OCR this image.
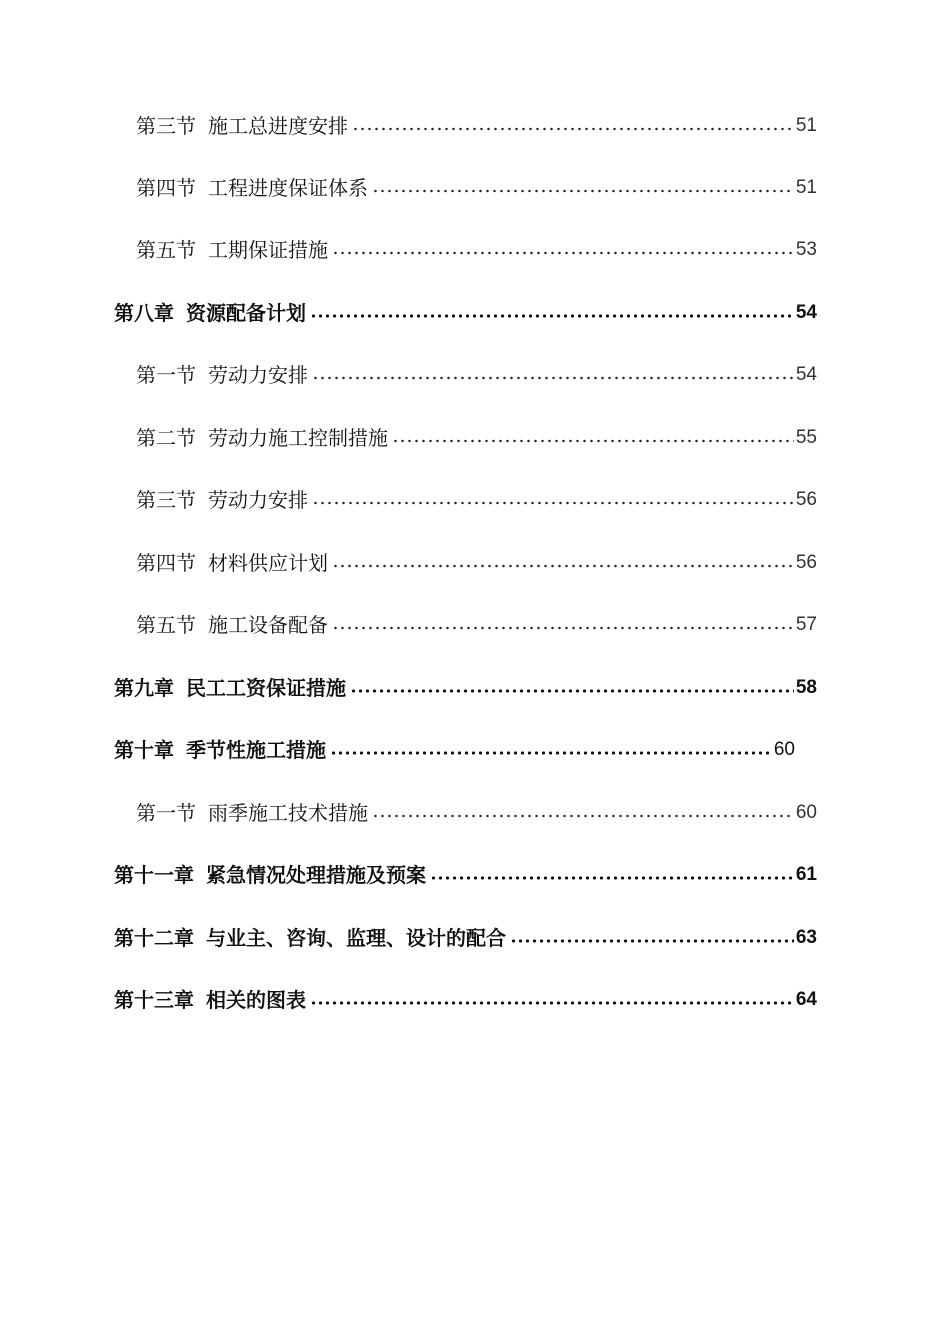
第三节 施工总进度安排	51
第四节 工程进度保证体系	51
第五节 工期保证措施	53
第八章 资源配备计划	54
第一节 劳动力安排	54
第二节 劳动力施工控制措施	55
第三节 劳动力安排	56
第四节 材料供应计划	56
第五节 施工设备配备	57
第九章 民工工资保证措施	58
第十章 季节性施工措施	60
第一节 雨季施工技术措施	60
第十一章 紧急情况处理措施及预案	61
第十二章 与业主、咨询、监理、设计的配合	63
第十三章 相关的图表	64
